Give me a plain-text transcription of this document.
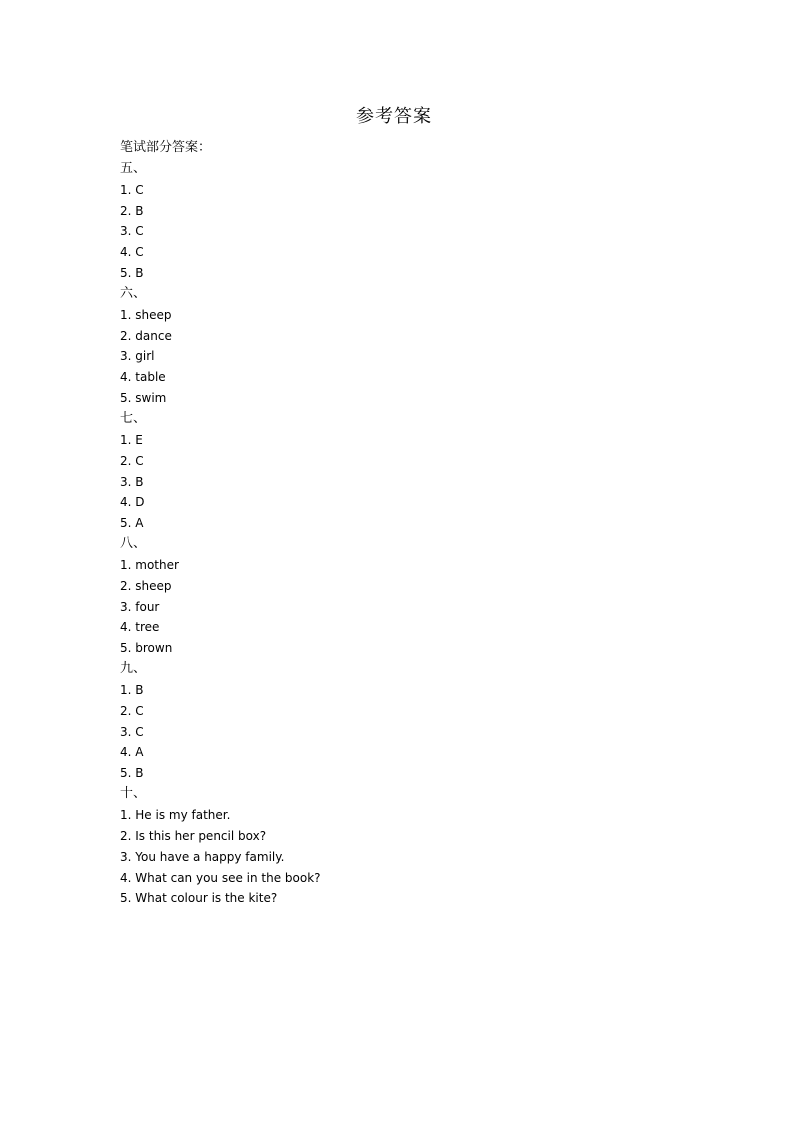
参考答案
笔试部分答案：
五、
1. C
2. B
3. C
4. C
5. B
六、
1. sheep
2. dance
3. girl
4. table
5. swim
七、
1. E
2. C
3. B
4. D
5. A
八、
1. mother
2. sheep
3. four
4. tree
5. brown
九、
1. B
2. C
3. C
4. A
5. B
十、
1. He is my father.
2. Is this her pencil box?
3. You have a happy family.
4. What can you see in the book?
5. What colour is the kite?
